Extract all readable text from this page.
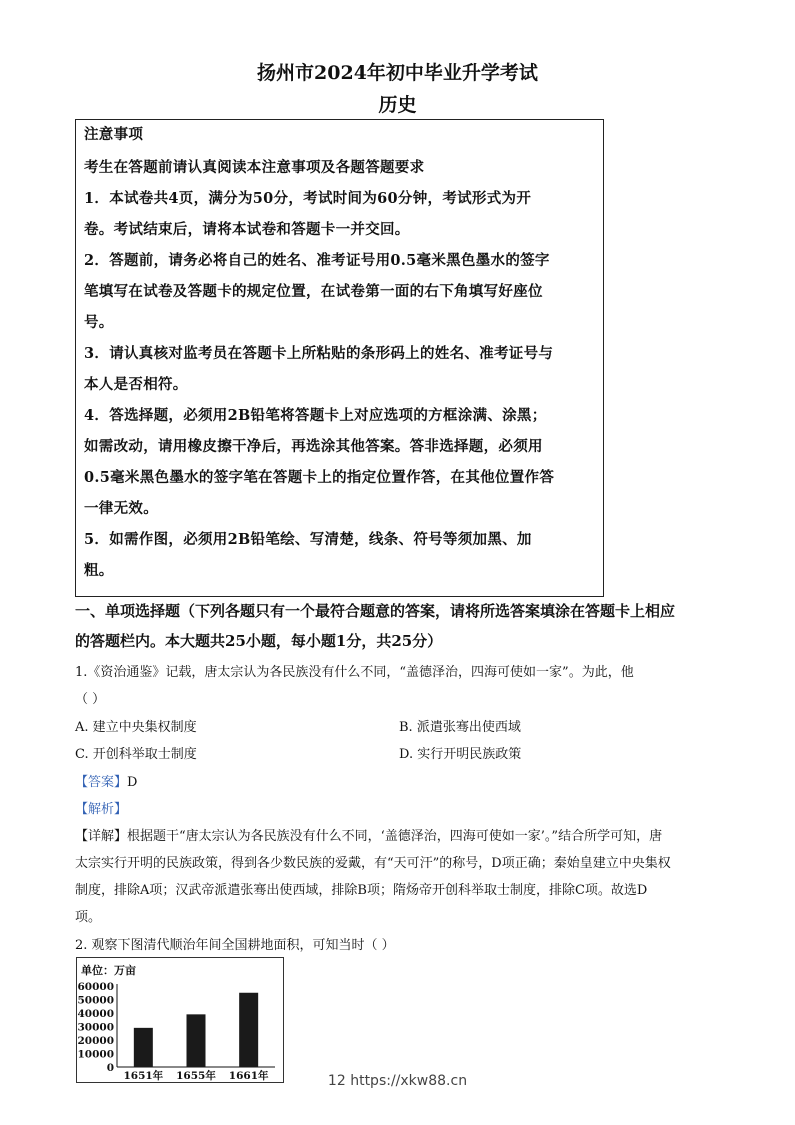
扬州市2024年初中毕业升学考试
历史
注意事项
考生在答题前请认真阅读本注意事项及各题答题要求
1．本试卷共4页，满分为50分，考试时间为60分钟，考试形式为开
卷。考试结束后，请将本试卷和答题卡一并交回。
2．答题前，请务必将自己的姓名、准考证号用0.5毫米黑色墨水的签字
笔填写在试卷及答题卡的规定位置，在试卷第一面的右下角填写好座位
号。
3．请认真核对监考员在答题卡上所粘贴的条形码上的姓名、准考证号与
本人是否相符。
4．答选择题，必须用2B铅笔将答题卡上对应选项的方框涂满、涂黑；
如需改动，请用橡皮擦干净后，再选涂其他答案。答非选择题，必须用
0.5毫米黑色墨水的签字笔在答题卡上的指定位置作答，在其他位置作答
一律无效。
5．如需作图，必须用2B铅笔绘、写清楚，线条、符号等须加黑、加
粗。
一、单项选择题（下列各题只有一个最符合题意的答案，请将所选答案填涂在答题卡上相应
的答题栏内。本大题共25小题，每小题1分，共25分）
1.《资治通鉴》记载，唐太宗认为各民族没有什么不同，“盖德泽治，四海可使如一家”。为此，他
（ ）
A. 建立中央集权制度	B. 派遣张骞出使西域
C. 开创科举取士制度	D. 实行开明民族政策
【答案】D
【解析】
【详解】根据题干“唐太宗认为各民族没有什么不同，‘盖德泽治，四海可使如一家’。”结合所学可知，唐
太宗实行开明的民族政策，得到各少数民族的爱戴，有“天可汗”的称号，D项正确；秦始皇建立中央集权
制度，排除A项；汉武帝派遣张骞出使西域，排除B项；隋炀帝开创科举取士制度，排除C项。故选D
项。
2. 观察下图清代顺治年间全国耕地面积，可知当时（ ）
单位：万亩
60000
50000
40000
30000
20000
10000
0
1651年 1655年 1661年	12 https://xkw88.cn
